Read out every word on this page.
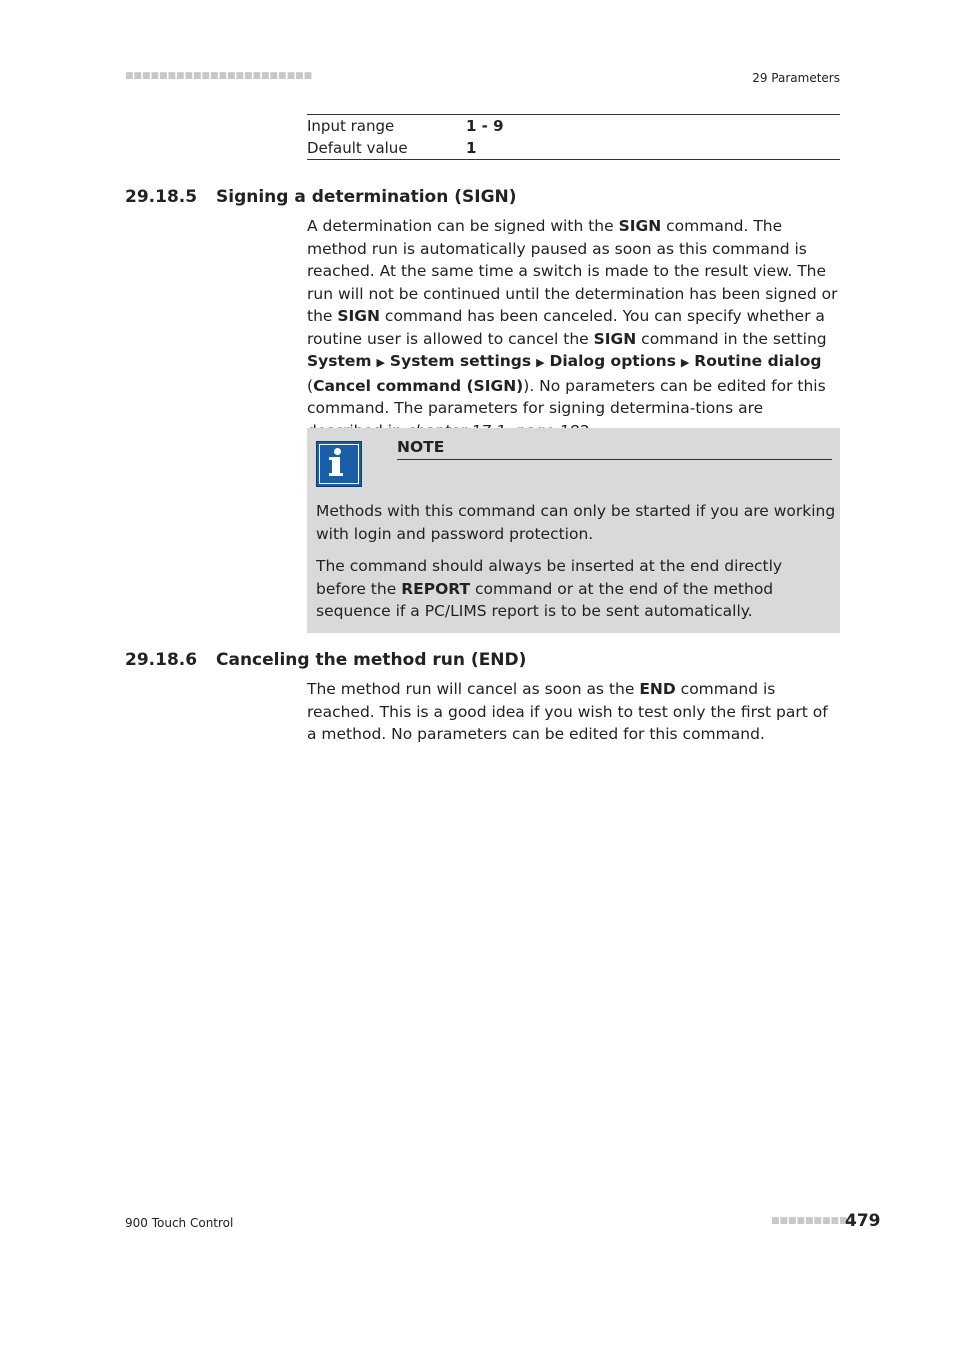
■■■■■■■■■■■■■■■■■■■■■■	29 Parameters
Input range	1 - 9
Default value	1
29.18.5 Signing a determination (SIGN)
A determination can be signed with the SIGN command. The method run is automatically paused as soon as this command is reached. At the same time a switch is made to the result view. The run will not be continued until the determination has been signed or the SIGN command has been canceled. You can specify whether a routine user is allowed to cancel the SIGN command in the setting System ▶ System settings ▶ Dialog options ▶ Routine dialog (Cancel command (SIGN)). No parameters can be edited for this command. The parameters for signing determina-tions are
NOTE
Methods with this command can only be started if you are working with login and password protection.
The command should always be inserted at the end directly before the REPORT command or at the end of the method sequence if a PC/LIMS report is to be sent automatically.
29.18.6 Canceling the method run (END)
The method run will cancel as soon as the END command is reached. This is a good idea if you wish to test only the first part of a method. No parameters can be edited for this command.
900 Touch Control	■■■■■■■■■
479
